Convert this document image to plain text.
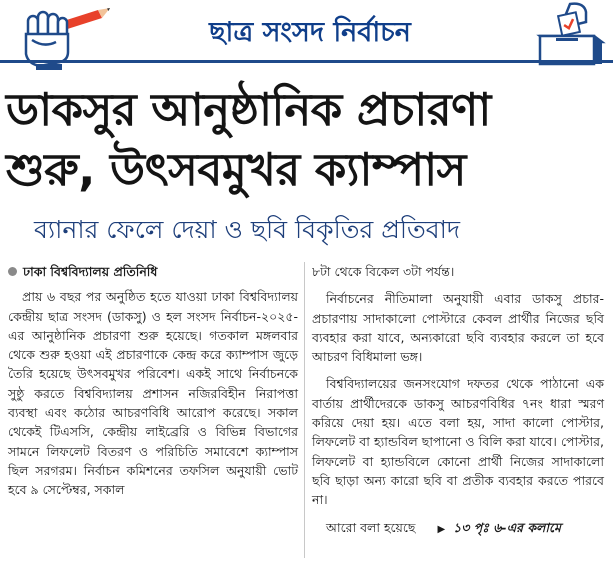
ছাত্র সংসদ নির্বাচন
ডাকসুর আনুষ্ঠানিক প্রচারণা
শুরু, উৎসবমুখর ক্যাম্পাস
ব্যানার ফেলে দেয়া ও ছবি বিকৃতির প্রতিবাদ
ঢাকা বিশ্ববিদ্যালয় প্রতিনিধি

প্রায় ৬ বছর পর অনুষ্ঠিত হতে যাওয়া ঢাকা বিশ্ববিদ্যালয় কেন্দ্রীয় ছাত্র সংসদ (ডাকসু) ও হল সংসদ নির্বাচন-২০২৫-এর আনুষ্ঠানিক প্রচারণা শুরু হয়েছে। গতকাল মঙ্গলবার থেকে শুরু হওয়া এই প্রচারণাকে কেন্দ্র করে ক্যাম্পাস জুড়ে তৈরি হয়েছে উৎসবমুখর পরিবেশ। একই সাথে নির্বাচনকে সুষ্ঠু করতে বিশ্ববিদ্যালয় প্রশাসন নজিরবিহীন নিরাপত্তা ব্যবস্থা এবং কঠোর আচরণবিধি আরোপ করেছে। সকাল থেকেই টিএসসি, কেন্দ্রীয় লাইব্রেরি ও বিভিন্ন বিভাগের সামনে লিফলেট বিতরণ ও পরিচিতি সমাবেশে ক্যাম্পাস ছিল সরগরম। নির্বাচন কমিশনের তফসিল অনুযায়ী ভোট হবে ৯ সেপ্টেম্বর, সকাল

৮টা থেকে বিকেল ৩টা পর্যন্ত।

নির্বাচনের নীতিমালা অনুযায়ী এবার ডাকসু প্রচার-প্রচারণায় সাদাকালো পোস্টারে কেবল প্রার্থীর নিজের ছবি ব্যবহার করা যাবে, অন্যকারো ছবি ব্যবহার করলে তা হবে আচরণ বিধিমালা ভঙ্গ।

বিশ্ববিদ্যালয়ের জনসংযোগ দফতর থেকে পাঠানো এক বার্তায় প্রার্থীদেরকে ডাকসু আচরণবিধির ৭নং ধারা স্মরণ করিয়ে দেয়া হয়। এতে বলা হয়, সাদা কালো পোস্টার, লিফলেট বা হ্যান্ডবিল ছাপানো ও বিলি করা যাবে। পোস্টার, লিফলেট বা হ্যান্ডবিলে কোনো প্রার্থী নিজের সাদাকালো ছবি ছাড়া অন্য কারো ছবি বা প্রতীক ব্যবহার করতে পারবে না।

আরো বলা হয়েছে ▶ ১৩ পৃঃ ৬-এর কলামে
